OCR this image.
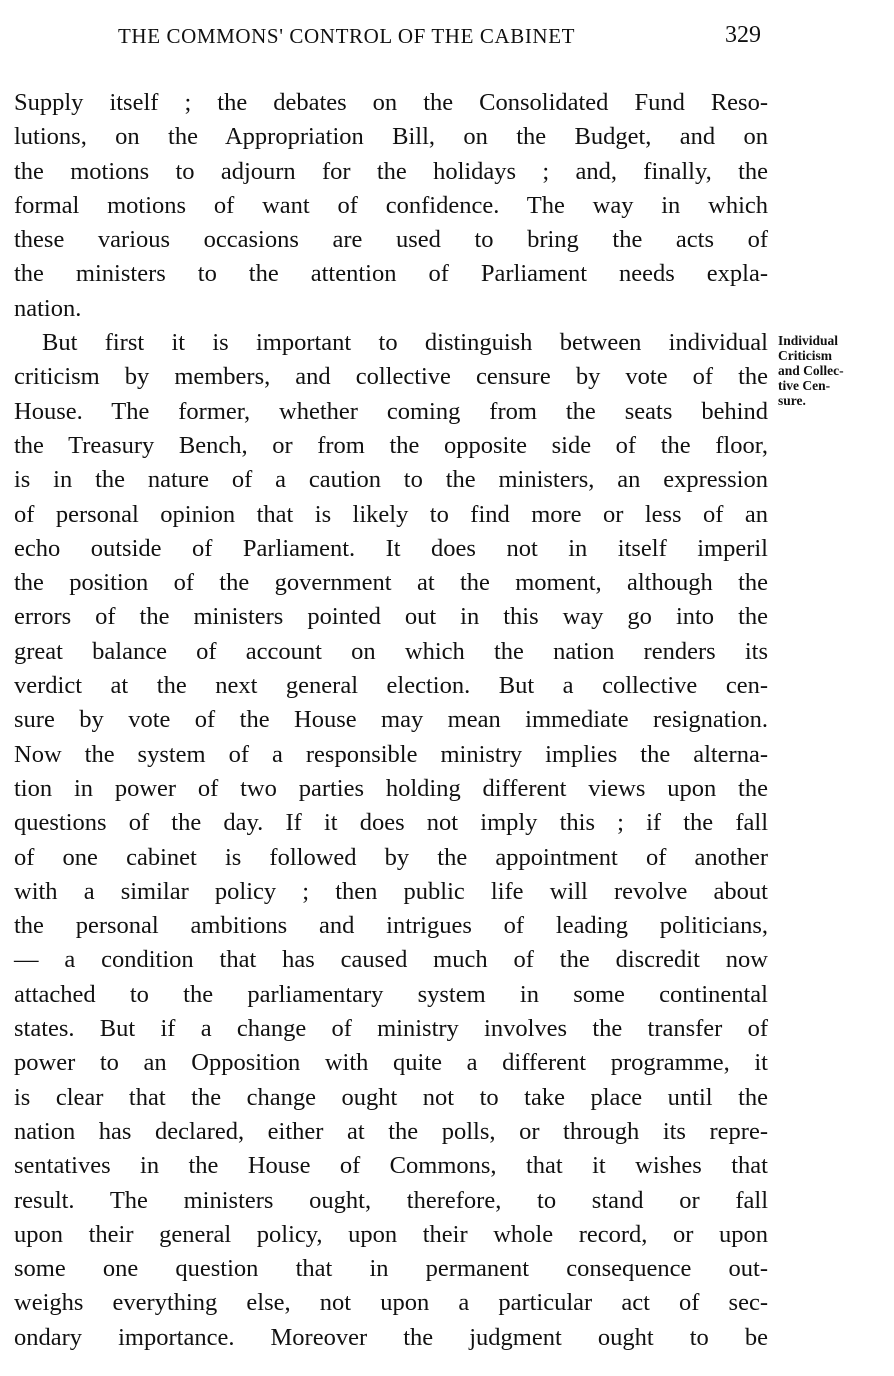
THE COMMONS' CONTROL OF THE CABINET	329
Supply itself ; the debates on the Consolidated Fund Reso-
lutions, on the Appropriation Bill, on the Budget, and on
the motions to adjourn for the holidays ; and, finally, the
formal motions of want of confidence. The way in which
these various occasions are used to bring the acts of
the ministers to the attention of Parliament needs expla-
nation.
But first it is important to distinguish between individual
criticism by members, and collective censure by vote of the
House. The former, whether coming from the seats behind
the Treasury Bench, or from the opposite side of the floor,
is in the nature of a caution to the ministers, an expression
of personal opinion that is likely to find more or less of an
echo outside of Parliament. It does not in itself imperil
the position of the government at the moment, although the
errors of the ministers pointed out in this way go into the
great balance of account on which the nation renders its
verdict at the next general election. But a collective cen-
sure by vote of the House may mean immediate resignation.
Now the system of a responsible ministry implies the alterna-
tion in power of two parties holding different views upon the
questions of the day. If it does not imply this ; if the fall
of one cabinet is followed by the appointment of another
with a similar policy ; then public life will revolve about
the personal ambitions and intrigues of leading politicians,
— a condition that has caused much of the discredit now
attached to the parliamentary system in some continental
states. But if a change of ministry involves the transfer of
power to an Opposition with quite a different programme, it
is clear that the change ought not to take place until the
nation has declared, either at the polls, or through its repre-
sentatives in the House of Commons, that it wishes that
result. The ministers ought, therefore, to stand or fall
upon their general policy, upon their whole record, or upon
some one question that in permanent consequence out-
weighs everything else, not upon a particular act of sec-
ondary importance. Moreover the judgment ought to be
Individual
Criticism
and Collec-
tive Cen-
sure.
